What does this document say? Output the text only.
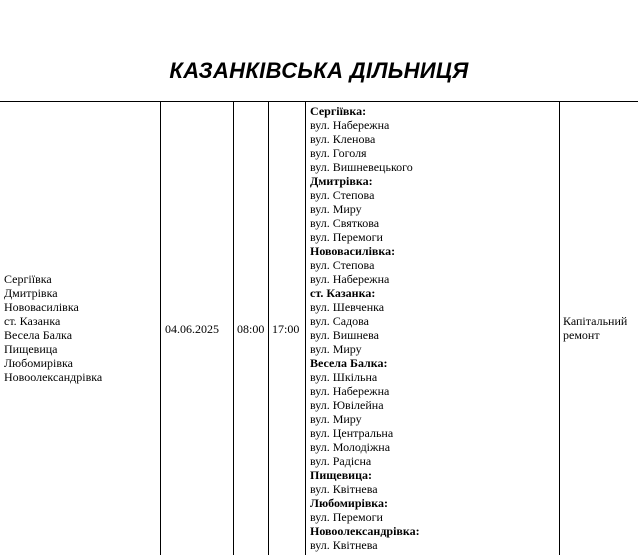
КАЗАНКІВСЬКА ДІЛЬНИЦЯ
Сергіївка
Дмитрівка
Нововасилівка
ст. Казанка
Весела Балка
Пищевица
Любомирівка
Новоолександрівка
04.06.2025 08:00 17:00
Сергіївка:
вул. Набережна
вул. Кленова
вул. Гоголя
вул. Вишневецького
Дмитрівка:
вул. Степова
вул. Миру
вул. Святкова
вул. Перемоги
Нововасилівка:
вул. Степова
вул. Набережна
ст. Казанка:
вул. Шевченка
вул. Садова
вул. Вишнева
вул. Миру
Весела Балка:
вул. Шкільна
вул. Набережна
вул. Ювілейна
вул. Миру
вул. Центральна
вул. Молодіжна
вул. Радісна
Пищевица:
вул. Квітнева
Любомирівка:
вул. Перемоги
Новоолександрівка:
вул. Квітнева
Капітальний ремонт
